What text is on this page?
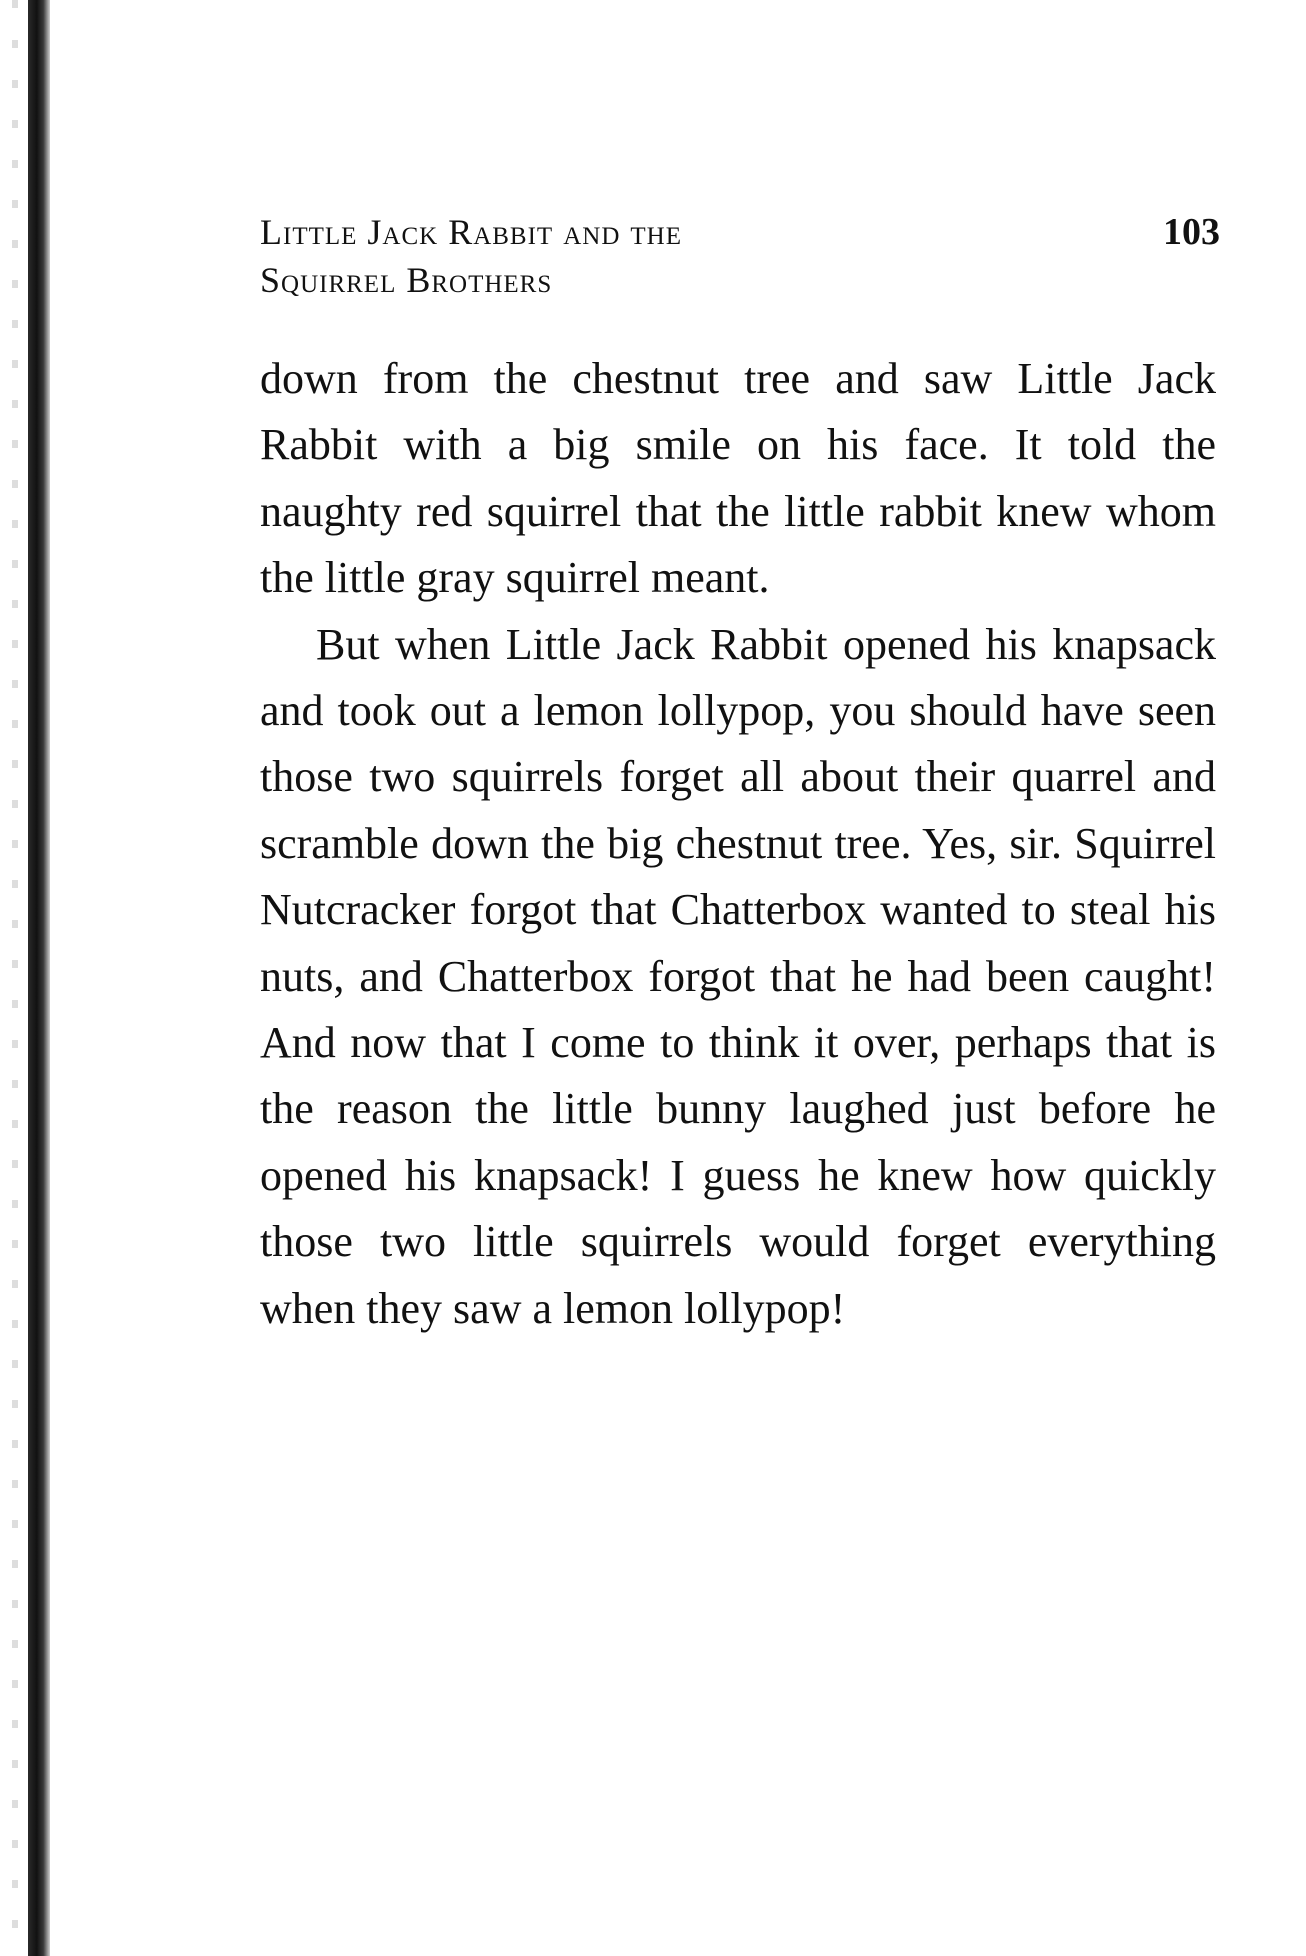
Little Jack Rabbit and the
Squirrel Brothers
103

down from the chestnut tree and saw Little Jack Rabbit with a big smile on his face. It told the naughty red squirrel that the little rabbit knew whom the little gray squirrel meant.

But when Little Jack Rabbit opened his knapsack and took out a lemon lollypop, you should have seen those two squirrels forget all about their quarrel and scramble down the big chestnut tree. Yes, sir. Squirrel Nutcracker forgot that Chatterbox wanted to steal his nuts, and Chatterbox forgot that he had been caught! And now that I come to think it over, perhaps that is the reason the little bunny laughed just before he opened his knapsack! I guess he knew how quickly those two little squirrels would forget everything when they saw a lemon lollypop!
